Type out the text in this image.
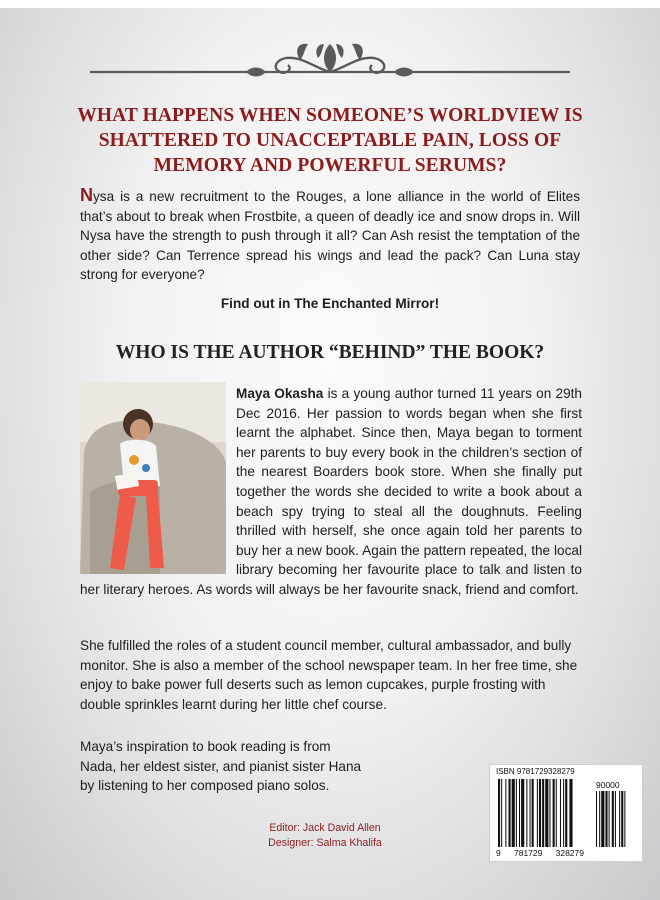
WHAT HAPPENS WHEN SOMEONE’S WORLDVIEW IS SHATTERED TO UNACCEPTABLE PAIN, LOSS OF MEMORY AND POWERFUL SERUMS?

Nysa is a new recruitment to the Rouges, a lone alliance in the world of Elites that’s about to break when Frostbite, a queen of deadly ice and snow drops in. Will Nysa have the strength to push through it all? Can Ash resist the temptation of the other side? Can Terrence spread his wings and lead the pack? Can Luna stay strong for everyone?

Find out in The Enchanted Mirror!

WHO IS THE AUTHOR “BEHIND” THE BOOK?

Maya Okasha is a young author turned 11 years on 29th Dec 2016. Her passion to words began when she first learnt the alphabet. Since then, Maya began to torment her parents to buy every book in the children’s section of the nearest Boarders book store. When she finally put together the words she decided to write a book about a beach spy trying to steal all the doughnuts. Feeling thrilled with herself, she once again told her parents to buy her a new book. Again the pattern repeated, the local library becoming her favourite place to talk and listen to her literary heroes. As words will always be her favourite snack, friend and comfort.

She fulfilled the roles of a student council member, cultural ambassador, and bully monitor. She is also a member of the school newspaper team. In her free time, she enjoy to bake power full deserts such as lemon cupcakes, purple frosting with double sprinkles learnt during her little chef course.

Maya’s inspiration to book reading is from Nada, her eldest sister, and pianist sister Hana by listening to her composed piano solos.

Editor: Jack David Allen
Designer: Salma Khalifa
ISBN 9781729328279
90000
9 781729 328279
